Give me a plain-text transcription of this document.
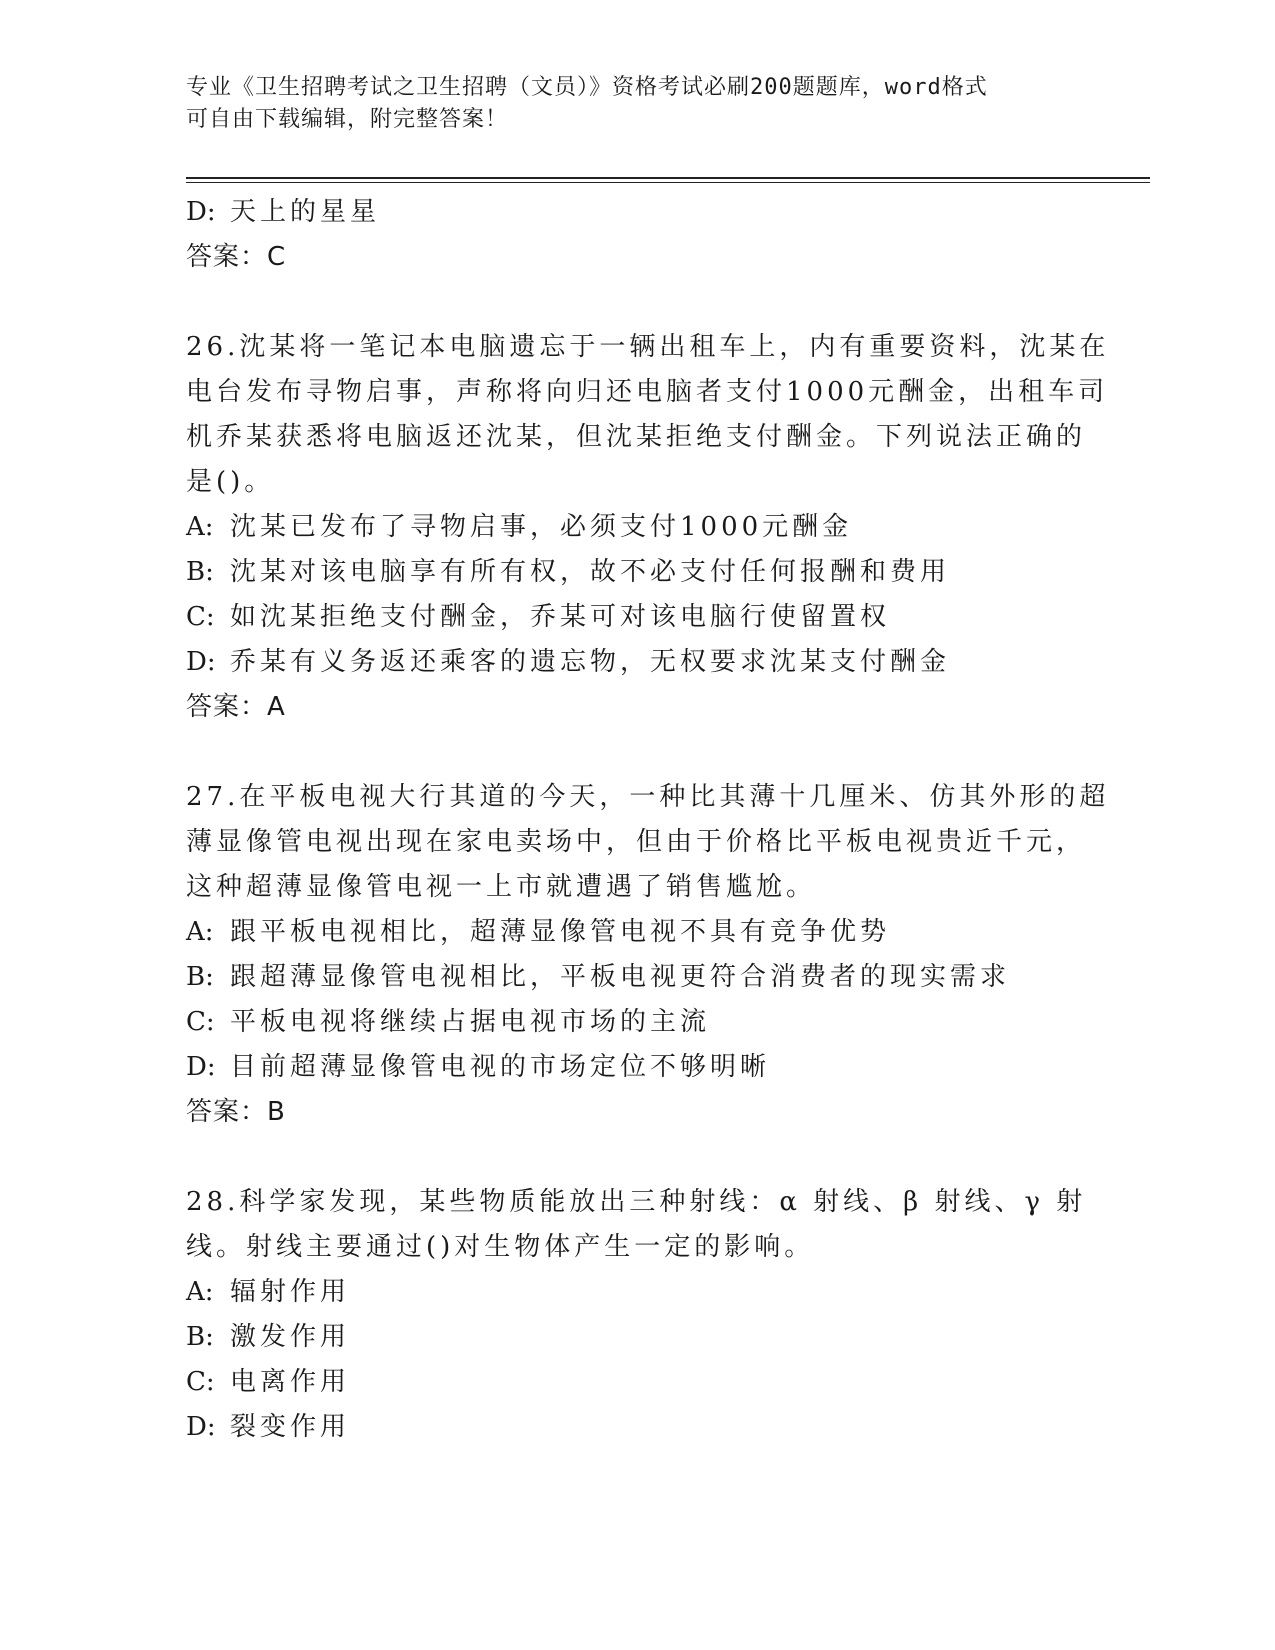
专业《卫生招聘考试之卫生招聘（文员）》资格考试必刷200题题库，word格式
可自由下载编辑，附完整答案！
D: 天上的星星
答案：C
26.沈某将一笔记本电脑遗忘于一辆出租车上，内有重要资料，沈某在
电台发布寻物启事，声称将向归还电脑者支付1000元酬金，出租车司
机乔某获悉将电脑返还沈某，但沈某拒绝支付酬金。下列说法正确的
是()。
A: 沈某已发布了寻物启事，必须支付1000元酬金
B: 沈某对该电脑享有所有权，故不必支付任何报酬和费用
C: 如沈某拒绝支付酬金，乔某可对该电脑行使留置权
D: 乔某有义务返还乘客的遗忘物，无权要求沈某支付酬金
答案：A
27.在平板电视大行其道的今天，一种比其薄十几厘米、仿其外形的超
薄显像管电视出现在家电卖场中，但由于价格比平板电视贵近千元，
这种超薄显像管电视一上市就遭遇了销售尴尬。
A: 跟平板电视相比，超薄显像管电视不具有竞争优势
B: 跟超薄显像管电视相比，平板电视更符合消费者的现实需求
C: 平板电视将继续占据电视市场的主流
D: 目前超薄显像管电视的市场定位不够明晰
答案：B
28.科学家发现，某些物质能放出三种射线：α 射线、β 射线、γ 射
线。射线主要通过()对生物体产生一定的影响。
A: 辐射作用
B: 激发作用
C: 电离作用
D: 裂变作用
